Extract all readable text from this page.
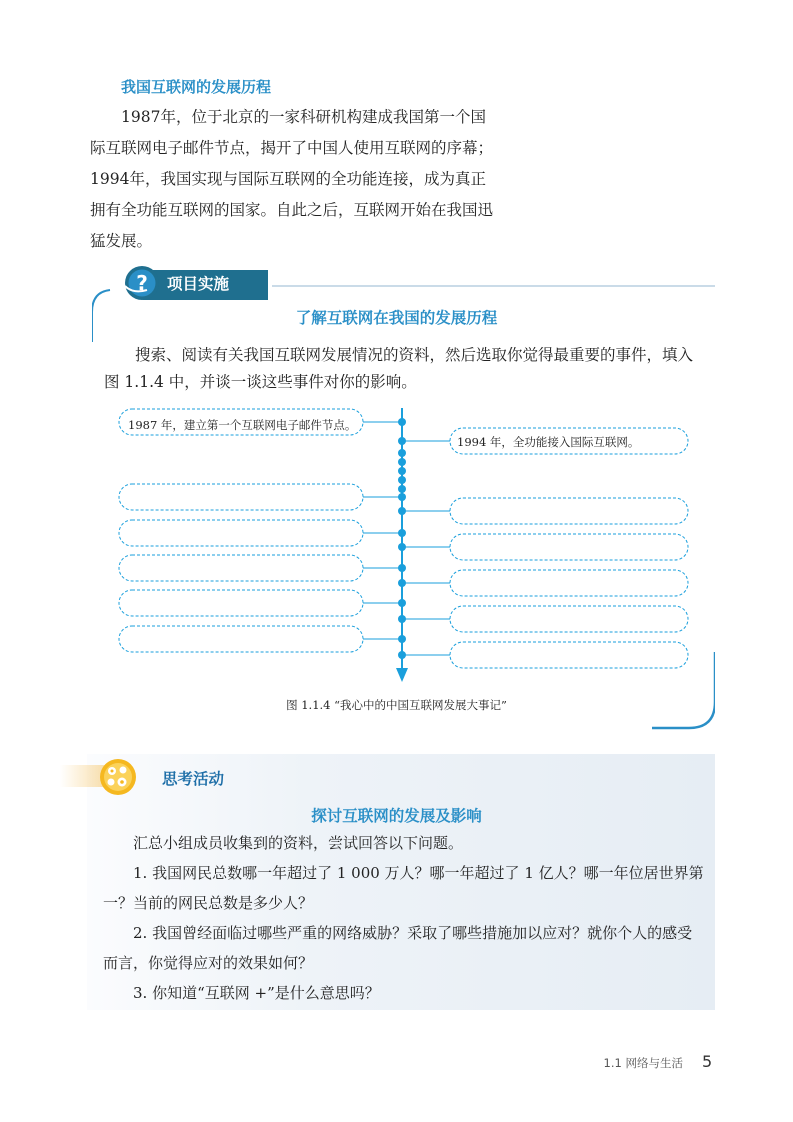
我国互联网的发展历程

1987年，位于北京的一家科研机构建成我国第一个国际互联网电子邮件节点，揭开了中国人使用互联网的序幕；1994年，我国实现与国际互联网的全功能连接，成为真正拥有全功能互联网的国家。自此之后，互联网开始在我国迅猛发展。

? 项目实施
了解互联网在我国的发展历程

搜索、阅读有关我国互联网发展情况的资料，然后选取你觉得最重要的事件，填入图 1.1.4 中，并谈一谈这些事件对你的影响。

1987 年，建立第一个互联网电子邮件节点。
1994 年，全功能接入国际互联网。
图 1.1.4 “我心中的中国互联网发展大事记”
思考活动
探讨互联网的发展及影响

汇总小组成员收集到的资料，尝试回答以下问题。

1. 我国网民总数哪一年超过了 1 000 万人？哪一年超过了 1 亿人？哪一年位居世界第一？当前的网民总数是多少人？

2. 我国曾经面临过哪些严重的网络威胁？采取了哪些措施加以应对？就你个人的感受而言，你觉得应对的效果如何？

3. 你知道“互联网 +”是什么意思吗？

1.1 网络与生活 5
